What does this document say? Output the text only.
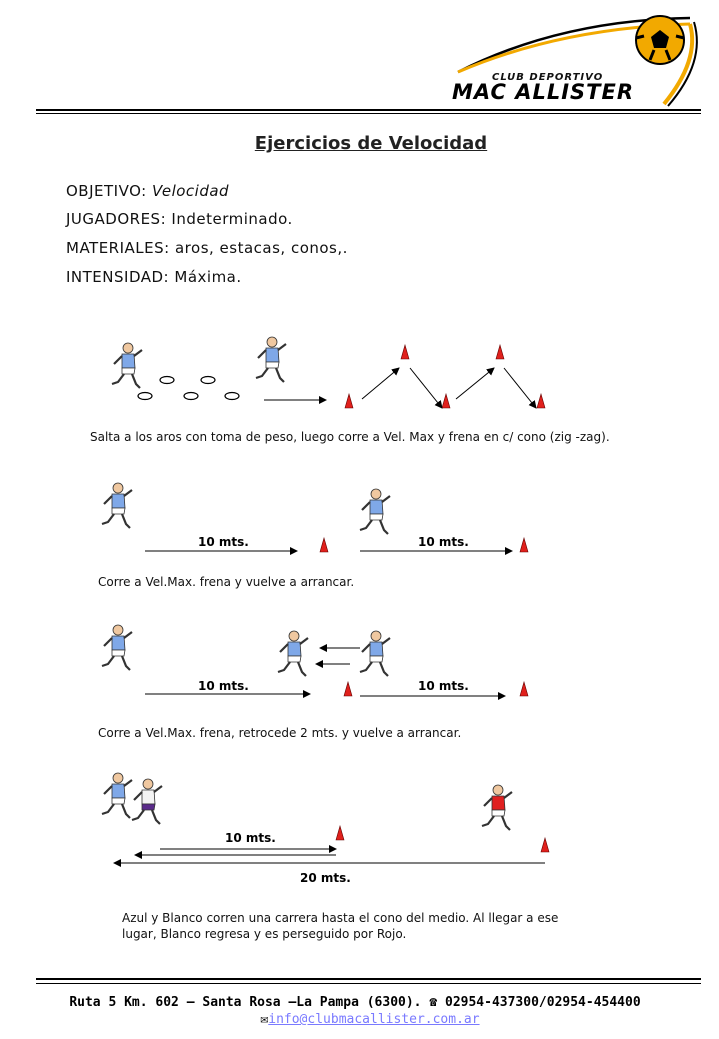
CLUB DEPORTIVO
MAC ALLISTER
Ejercicios de Velocidad
OBJETIVO: Velocidad
JUGADORES: Indeterminado.
MATERIALES: aros, estacas, conos,.
INTENSIDAD: Máxima.
Salta a los aros con toma de peso, luego corre a Vel. Max y frena en c/ cono (zig -zag).
10 mts.	10 mts.
Corre a Vel.Max. frena y vuelve a arrancar.
10 mts.	10 mts.
Corre a Vel.Max. frena, retrocede 2 mts. y vuelve a arrancar.
10 mts.
20 mts.
Azul y Blanco corren una carrera hasta el cono del medio. Al llegar a ese
lugar, Blanco regresa y es perseguido por Rojo.
Ruta 5 Km. 602 – Santa Rosa –La Pampa (6300). ☎ 02954-437300/02954-454400
✉info@clubmacallister.com.ar
